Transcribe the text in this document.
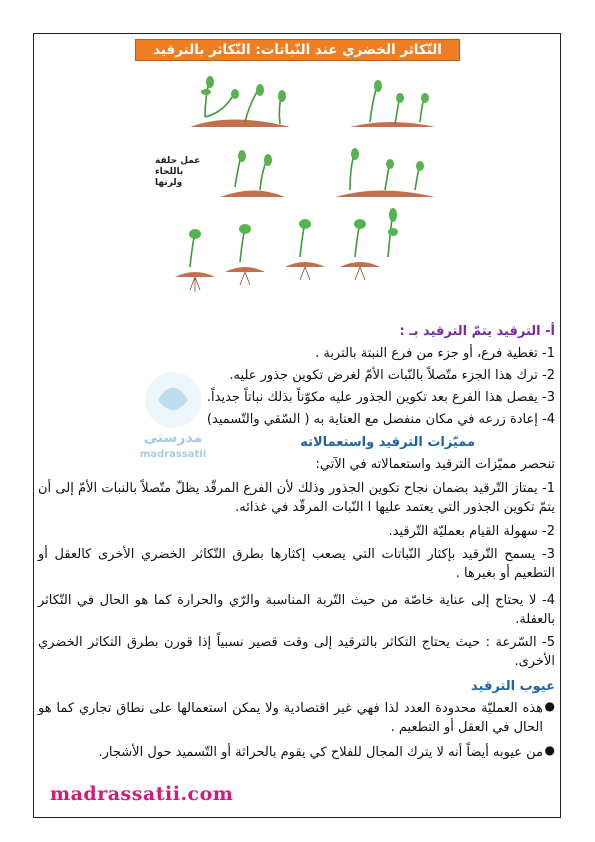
التّكاثر الخضري عند النّباتات: التّكاثر بالترقيد
عمل حلقة
باللحاء
ولرتها
مدرستي
madrassatii
أ- الترقيد يتمّ الترقيد بـ :
1- تغطية فرع، أو جزء من فرع النبتة بالتربة .
2- ترك هذا الجزء متّصلاً بالنّبات الأمّ لغرض تكوين جذور عليه.
3- يفصل هذا الفرع بعد تكوين الجذور عليه مكوّناً بذلك نباتاً جديداً.
4- إعادة زرعه في مكان منفصل مع العناية به ( السّقي والتّسميد)
مميّزات الترقيد واستعمالاته
تنحصر مميّزات الترقيد واستعمالاته في الآتي:
1- يمتاز التّرقيد بضمان نجاح تكوين الجذور وذلك لأن الفرع المرقّد يظلّ متّصلاً بالنبات الأمّ إلى أن يتمّ تكوين الجذور التي يعتمد عليها ا النّبات المرقّد في غذائه.
2- سهولة القيام بعمليّة التّرقيد.
3- يسمح التّرقيد بإكثار النّباتات التي يصعب إكثارها بطرق التّكاثر الخضري الأخرى كالعقل أو التطعيم أو بغيرها .
4- لا يحتاج إلى عناية خاصّة من حيث التّربة المناسبة والرّي والحرارة كما هو الحال في التّكاثر بالعقلة.
5- السّرعة : حيث يحتاج التكاثر بالترقيد إلى وقت قصير نسبياً إذا قورن بطرق التكاثر الخضري الأخرى.
عيوب الترقيد
هذه العمليّة محدودة العدد لذا فهي غير اقتصادية ولا يمكن استعمالها على نطاق تجاري كما هو الحال في العقل أو التطعيم .
●
من عيوبه أيضاً أنه لا يترك المجال للفلاح كي يقوم بالحراثة أو التّسميد حول الأشجار. ●
madrassatii.com
